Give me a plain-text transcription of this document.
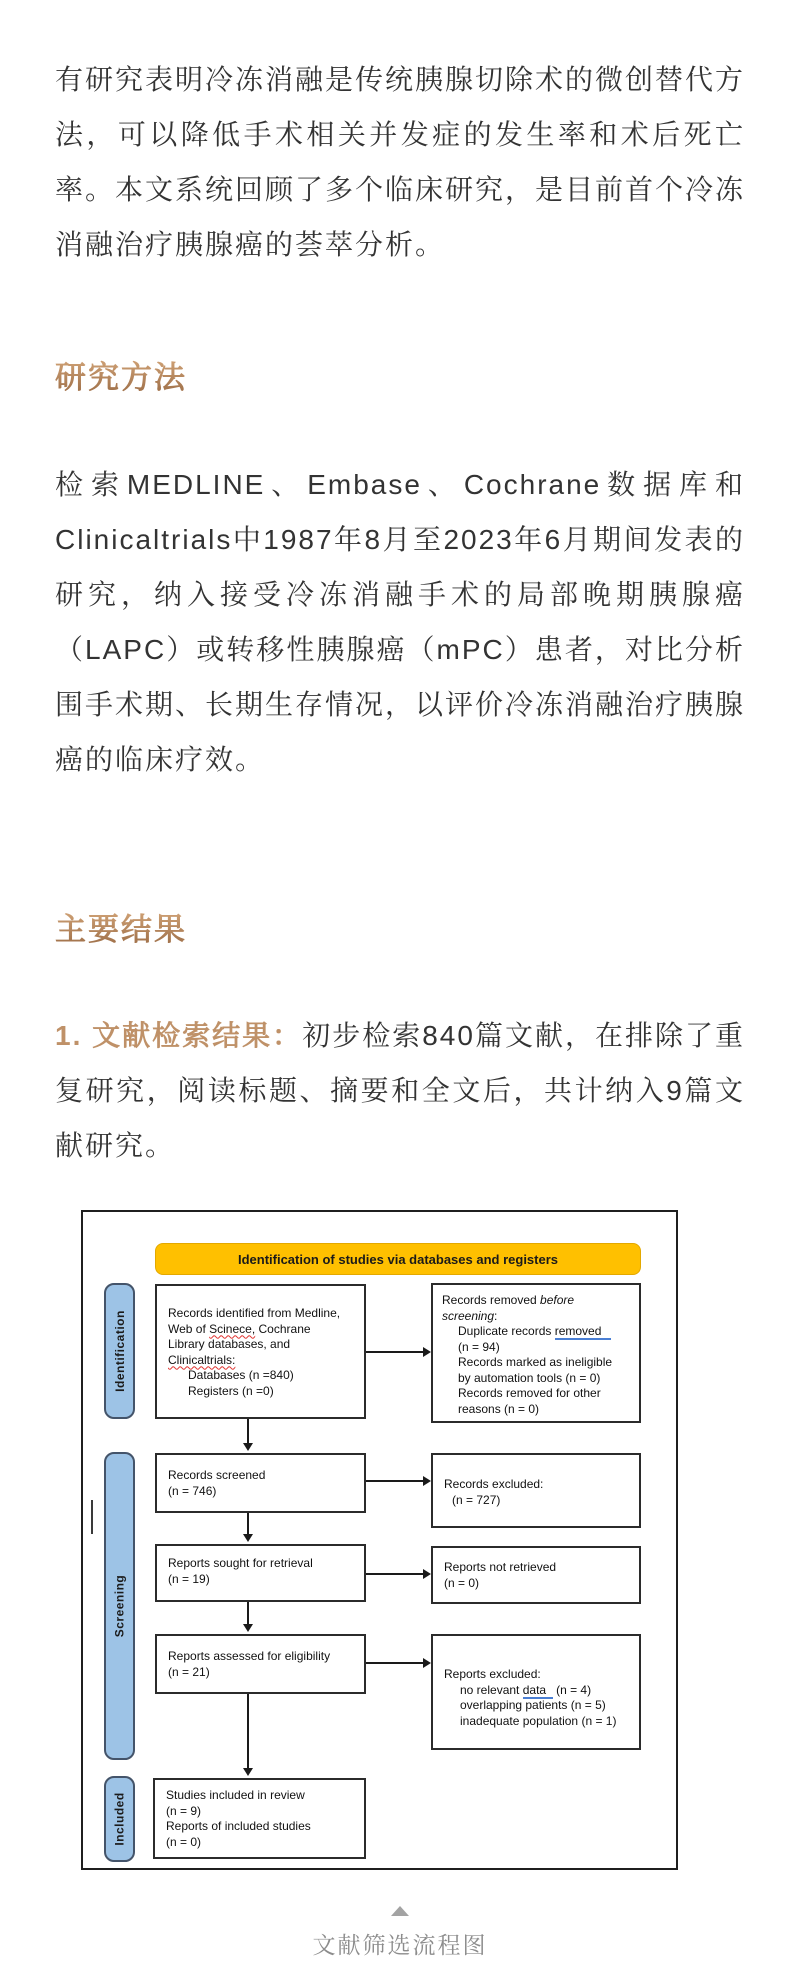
有研究表明冷冻消融是传统胰腺切除术的微创替代方法，可以降低手术相关并发症的发生率和术后死亡率。本文系统回顾了多个临床研究，是目前首个冷冻消融治疗胰腺癌的荟萃分析。

研究方法

检索MEDLINE、Embase、Cochrane数据库和Clinicaltrials中1987年8月至2023年6月期间发表的研究，纳入接受冷冻消融手术的局部晚期胰腺癌（LAPC）或转移性胰腺癌（mPC）患者，对比分析围手术期、长期生存情况，以评价冷冻消融治疗胰腺癌的临床疗效。

主要结果

1. 文献检索结果：初步检索840篇文献，在排除了重复研究，阅读标题、摘要和全文后，共计纳入9篇文献研究。

Identification of studies via databases and registers
Identification
Screening
Included
Records identified from Medline,
Web of Scinece, Cochrane
Library databases, and
Clinicaltrials:
Databases (n =840)
Registers (n =0)
Records screened
(n = 746)
Reports sought for retrieval
(n = 19)
Reports assessed for eligibility
(n = 21)
Studies included in review
(n = 9)
Reports of included studies
(n = 0)
Records removed before
screening:
Duplicate records removed
(n = 94)
Records marked as ineligible
by automation tools (n = 0)
Records removed for other
reasons (n = 0)
Records excluded:
(n = 727)
Reports not retrieved
(n = 0)
Reports excluded:
no relevant data   (n = 4)
overlapping patients (n = 5)
inadequate population (n = 1)
文献筛选流程图
